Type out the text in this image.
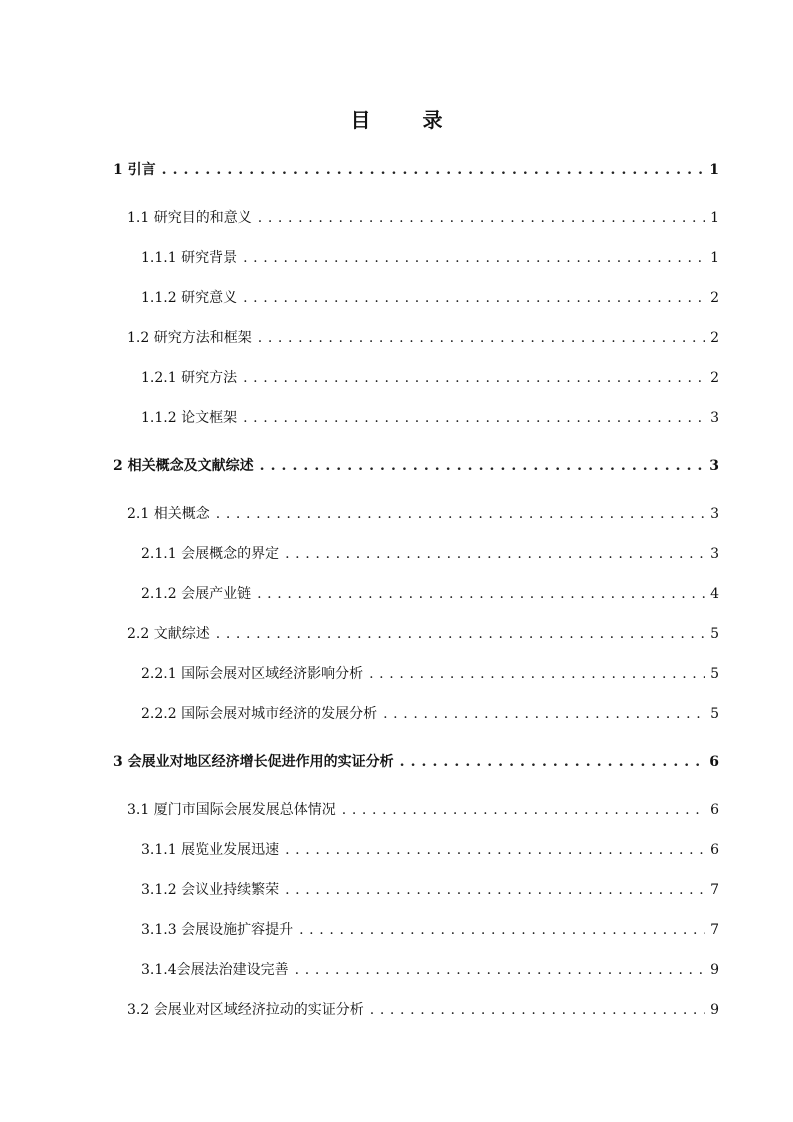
目　录
1 引言 . . .	1
1.1 研究目的和意义 . . .	1
1.1.1 研究背景 . . .	1
1.1.2 研究意义 . . .	2
1.2 研究方法和框架 . . .	2
1.2.1 研究方法 . . .	2
1.1.2 论文框架 . . .	3
2 相关概念及文献综述 . . .	3
2.1 相关概念 . . .	3
2.1.1 会展概念的界定 . . .	3
2.1.2 会展产业链 . . .	4
2.2 文献综述 . . .	5
2.2.1 国际会展对区域经济影响分析 . . .	5
2.2.2 国际会展对城市经济的发展分析 . . .	5
3 会展业对地区经济增长促进作用的实证分析 . . .	6
3.1 厦门市国际会展发展总体情况 . . .	6
3.1.1 展览业发展迅速 . . .	6
3.1.2 会议业持续繁荣 . . .	7
3.1.3 会展设施扩容提升 . . .	7
3.1.4会展法治建设完善 . . .	9
3.2 会展业对区域经济拉动的实证分析 . . .	9
